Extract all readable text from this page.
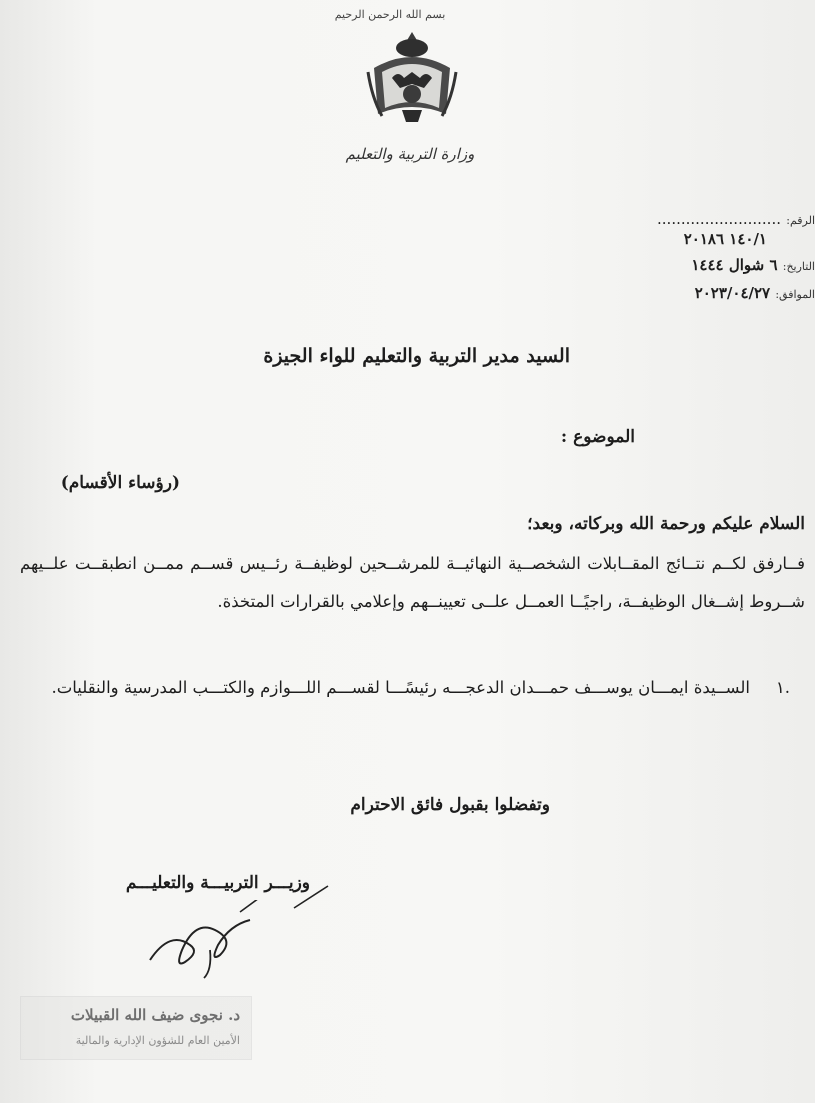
بسم الله الرحمن الرحيم
وزارة التربية والتعليم
الرقم: ..........................
١٤٠/١ ٢٠١٨٦
التاريخ: ٦ شوال ١٤٤٤
الموافق: ٢٠٢٣/٠٤/٢٧
السيد مدير التربية والتعليم للواء الجيزة
الموضوع :
(رؤساء الأقسام)
السلام عليكم ورحمة الله وبركاته، وبعد؛
فــارفق لكــم نتــائج المقــابلات الشخصــية النهائيــة للمرشــحين لوظيفــة رئــيس قســم ممــن انطبقــت علــيهم شــروط إشــغال الوظيفــة، راجيًــا العمــل علــى تعيينــهم وإعلامي بالقرارات المتخذة.
.١
الســيدة ايمـــان يوســـف حمـــدان الدعجـــه رئيسًـــا لقســـم اللـــوازم والكتـــب المدرسية والنقليات.
وتفضلوا بقبول فائق الاحترام
وزيـــر التربيـــة والتعليـــم
د. نجوى ضيف الله القبيلات
الأمين العام للشؤون الإدارية والمالية
